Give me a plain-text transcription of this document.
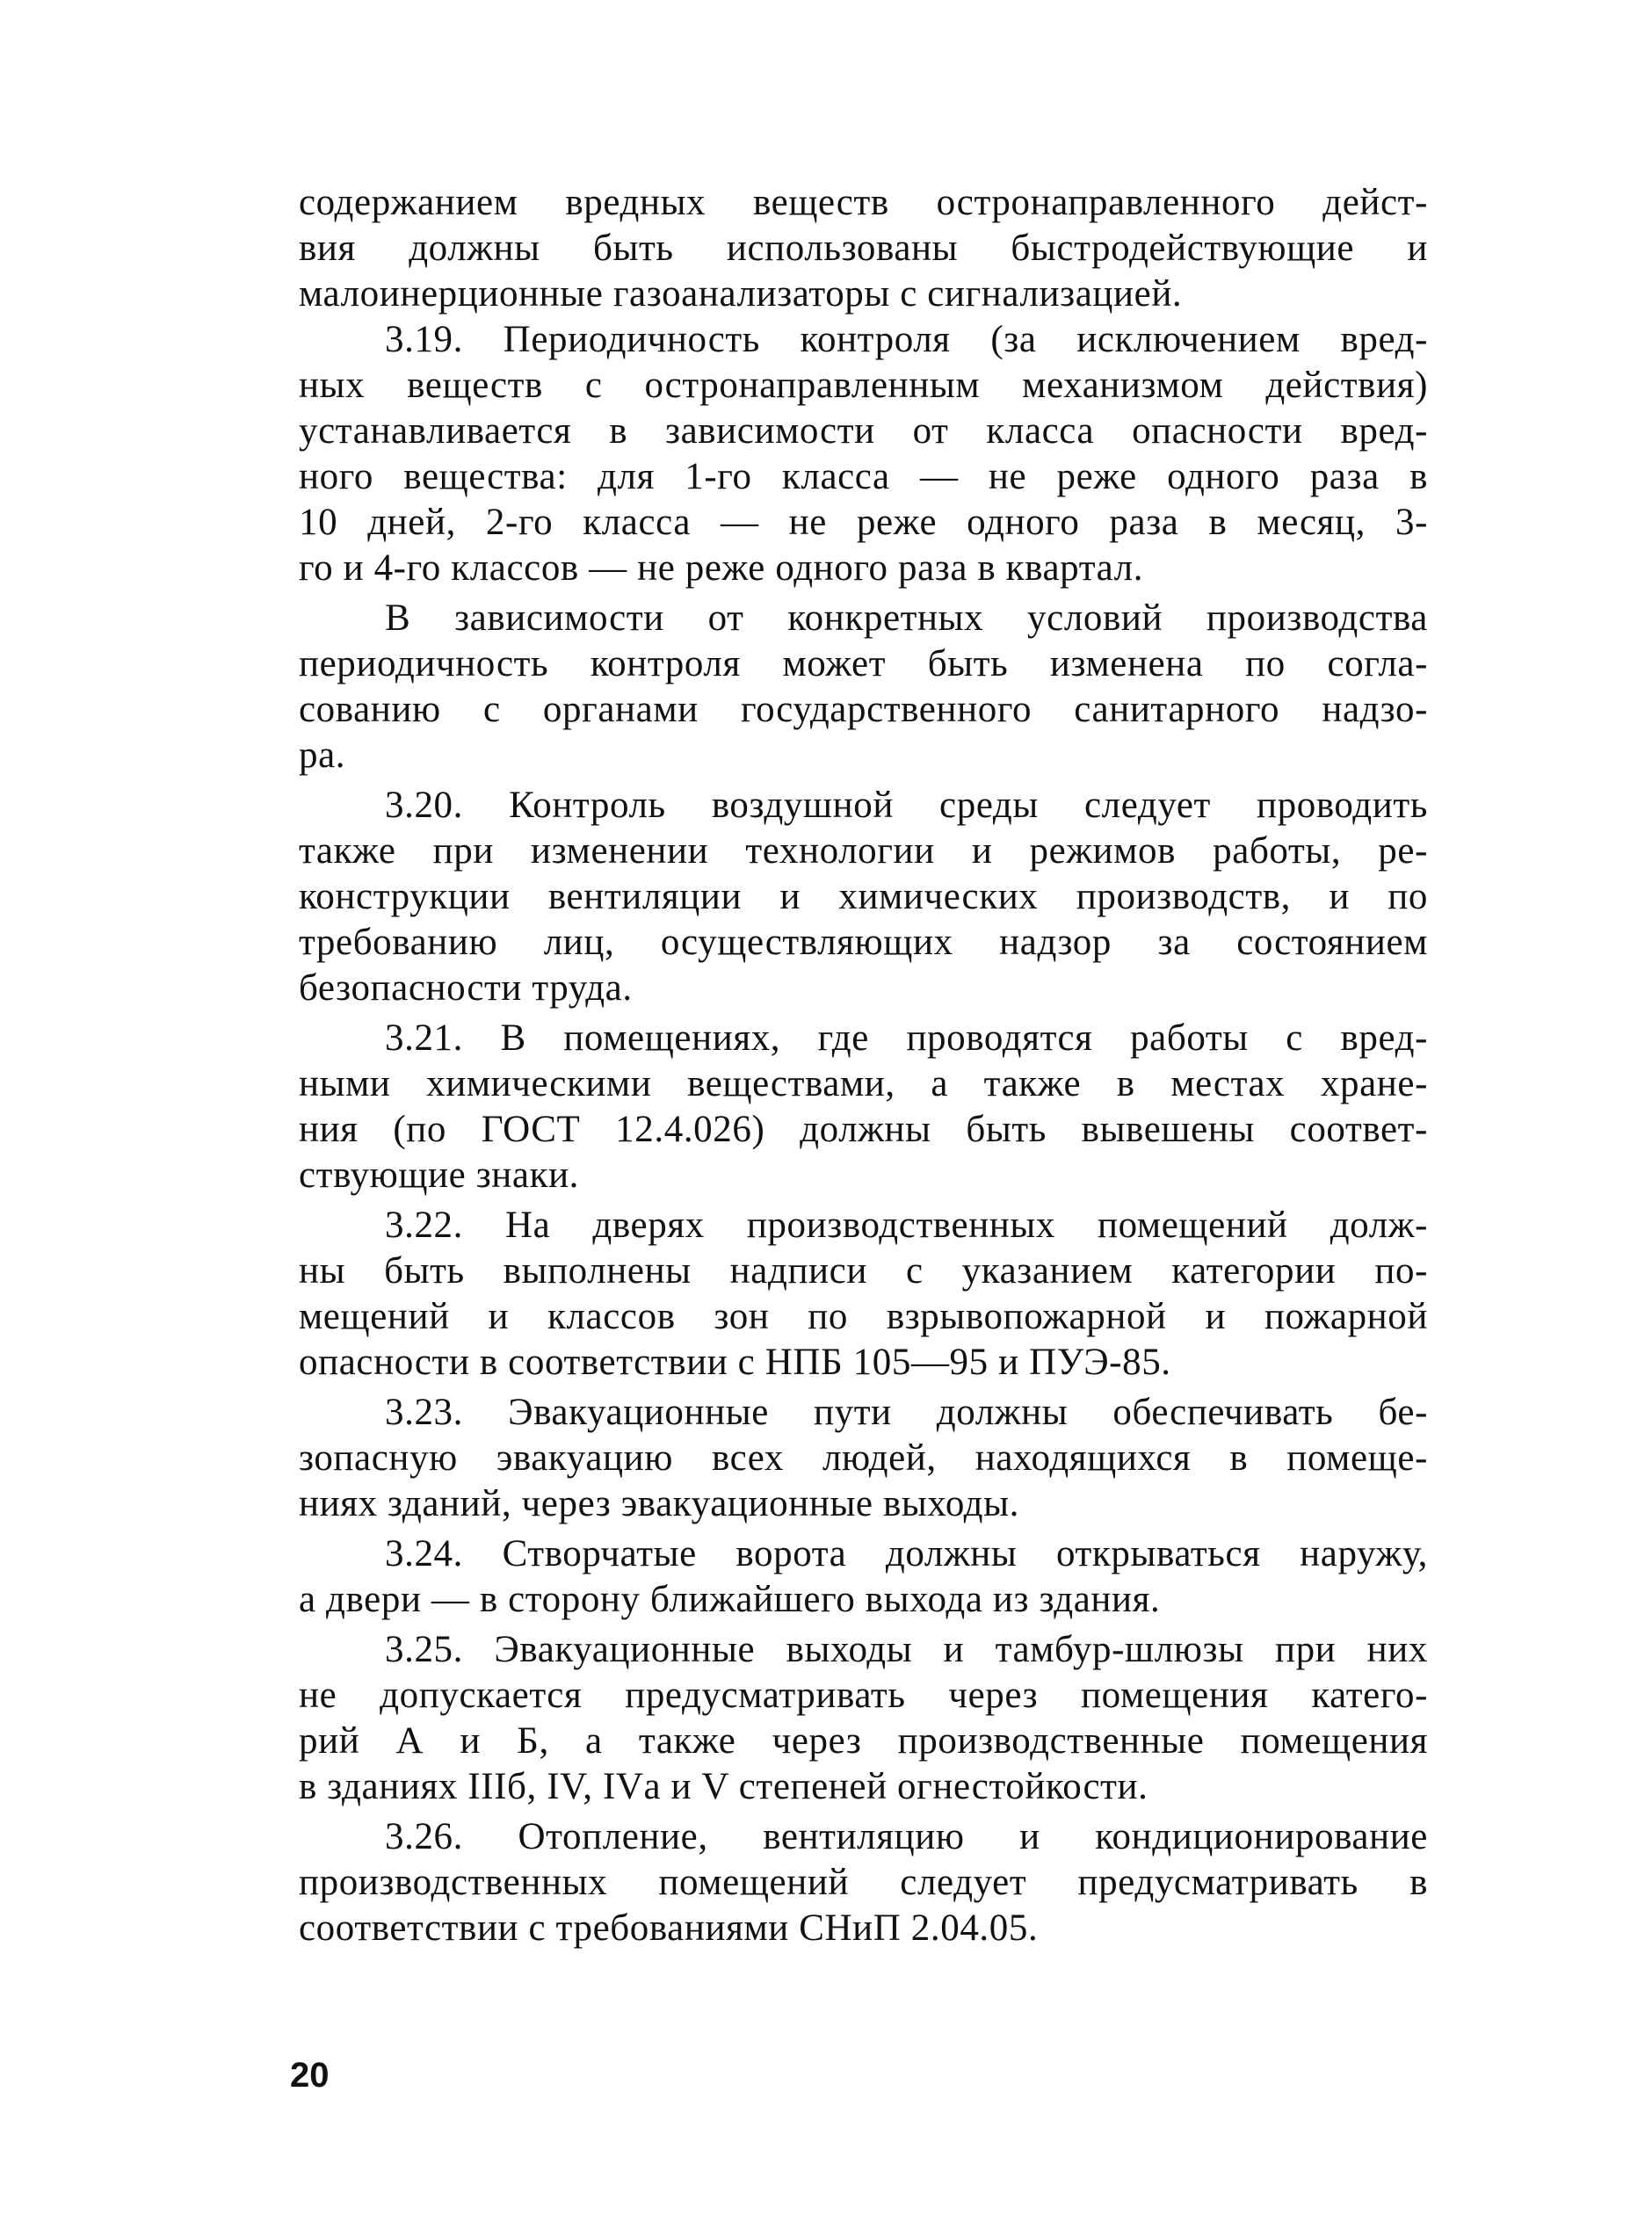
содержанием вредных веществ остронаправленного дейст-
вия должны быть использованы быстродействующие и
малоинерционные газоанализаторы с сигнализацией.
3.19. Периодичность контроля (за исключением вред-
ных веществ с остронаправленным механизмом действия)
устанавливается в зависимости от класса опасности вред-
ного вещества: для 1-го класса — не реже одного раза в
10 дней, 2-го класса — не реже одного раза в месяц, 3-
го и 4-го классов — не реже одного раза в квартал.
В зависимости от конкретных условий производства
периодичность контроля может быть изменена по согла-
сованию с органами государственного санитарного надзо-
ра.
3.20. Контроль воздушной среды следует проводить
также при изменении технологии и режимов работы, ре-
конструкции вентиляции и химических производств, и по
требованию лиц, осуществляющих надзор за состоянием
безопасности труда.
3.21. В помещениях, где проводятся работы с вред-
ными химическими веществами, а также в местах хране-
ния (по ГОСТ 12.4.026) должны быть вывешены соответ-
ствующие знаки.
3.22. На дверях производственных помещений долж-
ны быть выполнены надписи с указанием категории по-
мещений и классов зон по взрывопожарной и пожарной
опасности в соответствии с НПБ 105—95 и ПУЭ-85.
3.23. Эвакуационные пути должны обеспечивать бе-
зопасную эвакуацию всех людей, находящихся в помеще-
ниях зданий, через эвакуационные выходы.
3.24. Створчатые ворота должны открываться наружу,
а двери — в сторону ближайшего выхода из здания.
3.25. Эвакуационные выходы и тамбур-шлюзы при них
не допускается предусматривать через помещения катего-
рий А и Б, а также через производственные помещения
в зданиях IIIб, IV, IVа и V степеней огнестойкости.
3.26. Отопление, вентиляцию и кондиционирование
производственных помещений следует предусматривать в
соответствии с требованиями СНиП 2.04.05.
20
